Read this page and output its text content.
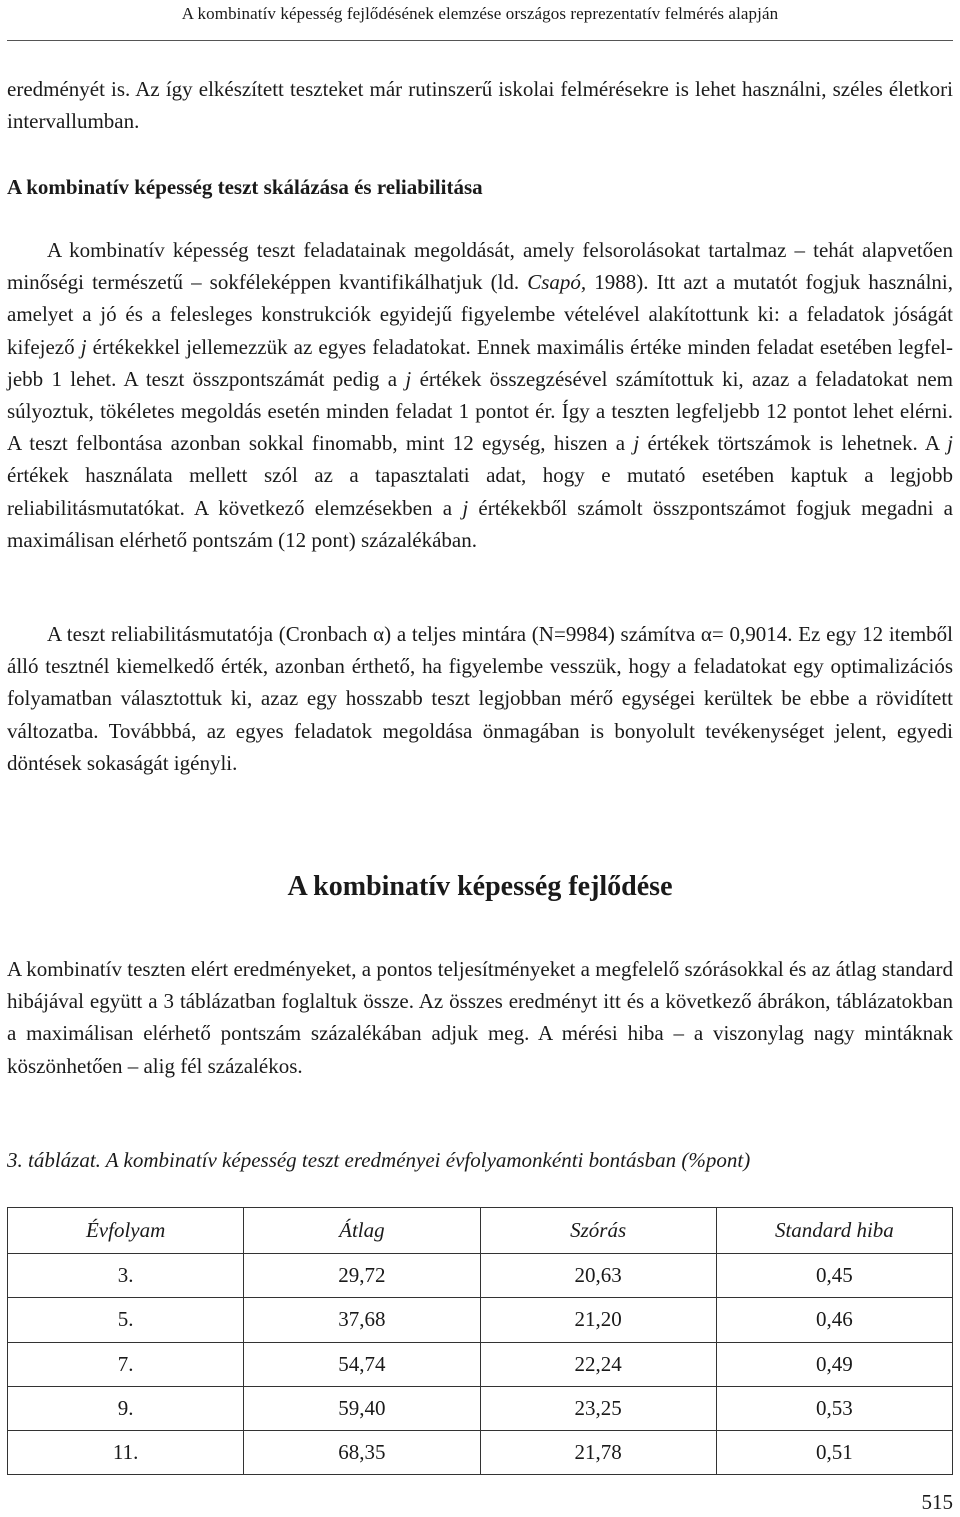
A kombinatív képesség fejlődésének elemzése országos reprezentatív felmérés alapján

eredményét is. Az így elkészített teszteket már rutinszerű iskolai felmérésekre is lehet használni, széles életkori intervallumban.

A kombinatív képesség teszt skálázása és reliabilitása

A kombinatív képesség teszt feladatainak megoldását, amely felsorolásokat tartalmaz – tehát alapvetően minőségi természetű – sokféleképpen kvantifikálhatjuk (ld. Csapó, 1988). Itt azt a mutatót fogjuk használni, amelyet a jó és a felesleges konstrukciók egyidejű figyelembe vételével alakítottunk ki: a feladatok jóságát kifejező j értékekkel jellemezzük az egyes feladatokat. Ennek maximális értéke minden feladat esetében legfeljebb 1 lehet. A teszt összpontszámát pedig a j értékek összegzésével számítottuk ki, azaz a feladatokat nem súlyoztuk, tökéletes megoldás esetén minden feladat 1 pontot ér. Így a teszten legfeljebb 12 pontot lehet elérni. A teszt felbontása azonban sokkal finomabb, mint 12 egység, hiszen a j értékek törtszámok is lehetnek. A j értékek használata mellett szól az a tapasztalati adat, hogy e mutató esetében kaptuk a legjobb reliabilitásmutatókat. A következő elemzésekben a j értékekből számolt összpontszámot fogjuk megadni a maximálisan elérhető pontszám (12 pont) százalékában.

A teszt reliabilitásmutatója (Cronbach α) a teljes mintára (N=9984) számítva α= 0,9014. Ez egy 12 itemből álló tesztnél kiemelkedő érték, azonban érthető, ha figyelembe vesszük, hogy a feladatokat egy optimalizációs folyamatban választottuk ki, azaz egy hosszabb teszt legjobban mérő egységei kerültek be ebbe a rövidített változatba. Továbbbá, az egyes feladatok megoldása önmagában is bonyolult tevékenységet jelent, egyedi döntések sokaságát igényli.

A kombinatív képesség fejlődése

A kombinatív teszten elért eredményeket, a pontos teljesítményeket a megfelelő szórásokkal és az átlag standard hibájával együtt a 3 táblázatban foglaltuk össze. Az összes eredményt itt és a következő ábrákon, táblázatokban a maximálisan elérhető pontszám százalékában adjuk meg. A mérési hiba – a viszonylag nagy mintáknak köszönhetően – alig fél százalékos.

3. táblázat. A kombinatív képesség teszt eredményei évfolyamonkénti bontásban (%pont)

Évfolyam	Átlag	Szórás	Standard hiba
3.	29,72	20,63	0,45
5.	37,68	21,20	0,46
7.	54,74	22,24	0,49
9.	59,40	23,25	0,53
11.	68,35	21,78	0,51
515
